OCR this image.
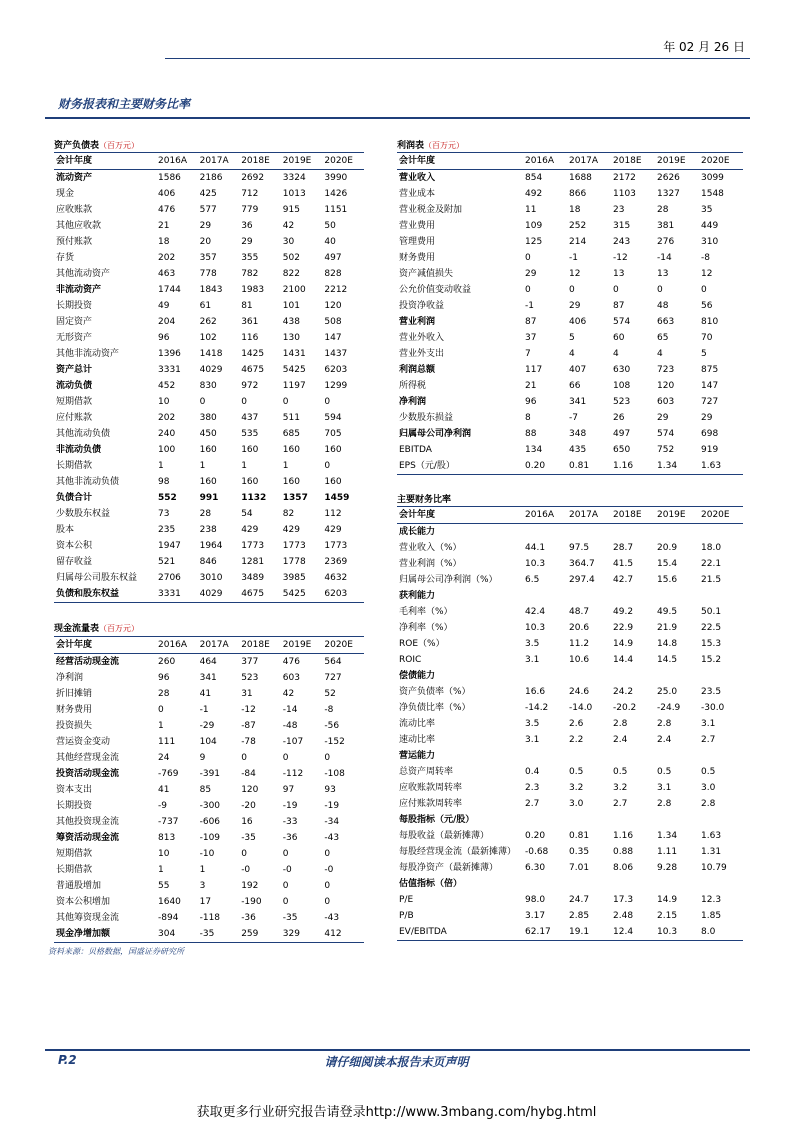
年 02 月 26 日
财务报表和主要财务比率
资产负债表（百万元）
会计年度	2016A	2017A	2018E	2019E	2020E
流动资产	1586	2186	2692	3324	3990
现金	406	425	712	1013	1426
应收账款	476	577	779	915	1151
其他应收款	21	29	36	42	50
预付账款	18	20	29	30	40
存货	202	357	355	502	497
其他流动资产	463	778	782	822	828
非流动资产	1744	1843	1983	2100	2212
长期投资	49	61	81	101	120
固定资产	204	262	361	438	508
无形资产	96	102	116	130	147
其他非流动资产	1396	1418	1425	1431	1437
资产总计	3331	4029	4675	5425	6203
流动负债	452	830	972	1197	1299
短期借款	10	0	0	0	0
应付账款	202	380	437	511	594
其他流动负债	240	450	535	685	705
非流动负债	100	160	160	160	160
长期借款	1	1	1	1	0
其他非流动负债	98	160	160	160	160
负债合计	552	991	1132	1357	1459
少数股东权益	73	28	54	82	112
股本	235	238	429	429	429
资本公积	1947	1964	1773	1773	1773
留存收益	521	846	1281	1778	2369
归属母公司股东权益	2706	3010	3489	3985	4632
负债和股东权益	3331	4029	4675	5425	6203
现金流量表（百万元）
会计年度	2016A	2017A	2018E	2019E	2020E
经营活动现金流	260	464	377	476	564
净利润	96	341	523	603	727
折旧摊销	28	41	31	42	52
财务费用	0	-1	-12	-14	-8
投资损失	1	-29	-87	-48	-56
营运资金变动	111	104	-78	-107	-152
其他经营现金流	24	9	0	0	0
投资活动现金流	-769	-391	-84	-112	-108
资本支出	41	85	120	97	93
长期投资	-9	-300	-20	-19	-19
其他投资现金流	-737	-606	16	-33	-34
筹资活动现金流	813	-109	-35	-36	-43
短期借款	10	-10	0	0	0
长期借款	1	1	-0	-0	-0
普通股增加	55	3	192	0	0
资本公积增加	1640	17	-190	0	0
其他筹资现金流	-894	-118	-36	-35	-43
现金净增加额	304	-35	259	329	412
利润表（百万元）
会计年度	2016A	2017A	2018E	2019E	2020E
营业收入	854	1688	2172	2626	3099
营业成本	492	866	1103	1327	1548
营业税金及附加	11	18	23	28	35
营业费用	109	252	315	381	449
管理费用	125	214	243	276	310
财务费用	0	-1	-12	-14	-8
资产减值损失	29	12	13	13	12
公允价值变动收益	0	0	0	0	0
投资净收益	-1	29	87	48	56
营业利润	87	406	574	663	810
营业外收入	37	5	60	65	70
营业外支出	7	4	4	4	5
利润总额	117	407	630	723	875
所得税	21	66	108	120	147
净利润	96	341	523	603	727
少数股东损益	8	-7	26	29	29
归属母公司净利润	88	348	497	574	698
EBITDA	134	435	650	752	919
EPS（元/股）	0.20	0.81	1.16	1.34	1.63
主要财务比率
会计年度	2016A	2017A	2018E	2019E	2020E
成长能力					
营业收入（%）	44.1	97.5	28.7	20.9	18.0
营业利润（%）	10.3	364.7	41.5	15.4	22.1
归属母公司净利润（%）	6.5	297.4	42.7	15.6	21.5
获利能力					
毛利率（%）	42.4	48.7	49.2	49.5	50.1
净利率（%）	10.3	20.6	22.9	21.9	22.5
ROE（%）	3.5	11.2	14.9	14.8	15.3
ROIC	3.1	10.6	14.4	14.5	15.2
偿债能力					
资产负债率（%）	16.6	24.6	24.2	25.0	23.5
净负债比率（%）	-14.2	-14.0	-20.2	-24.9	-30.0
流动比率	3.5	2.6	2.8	2.8	3.1
速动比率	3.1	2.2	2.4	2.4	2.7
营运能力					
总资产周转率	0.4	0.5	0.5	0.5	0.5
应收账款周转率	2.3	3.2	3.2	3.1	3.0
应付账款周转率	2.7	3.0	2.7	2.8	2.8
每股指标（元/股）					
每股收益（最新摊薄）	0.20	0.81	1.16	1.34	1.63
每股经营现金流（最新摊薄）	-0.68	0.35	0.88	1.11	1.31
每股净资产（最新摊薄）	6.30	7.01	8.06	9.28	10.79
估值指标（倍）					
P/E	98.0	24.7	17.3	14.9	12.3
P/B	3.17	2.85	2.48	2.15	1.85
EV/EBITDA	62.17	19.1	12.4	10.3	8.0
资料来源：贝格数据，国盛证券研究所
P.2	请仔细阅读本报告末页声明
获取更多行业研究报告请登录http://www.3mbang.com/hybg.html
